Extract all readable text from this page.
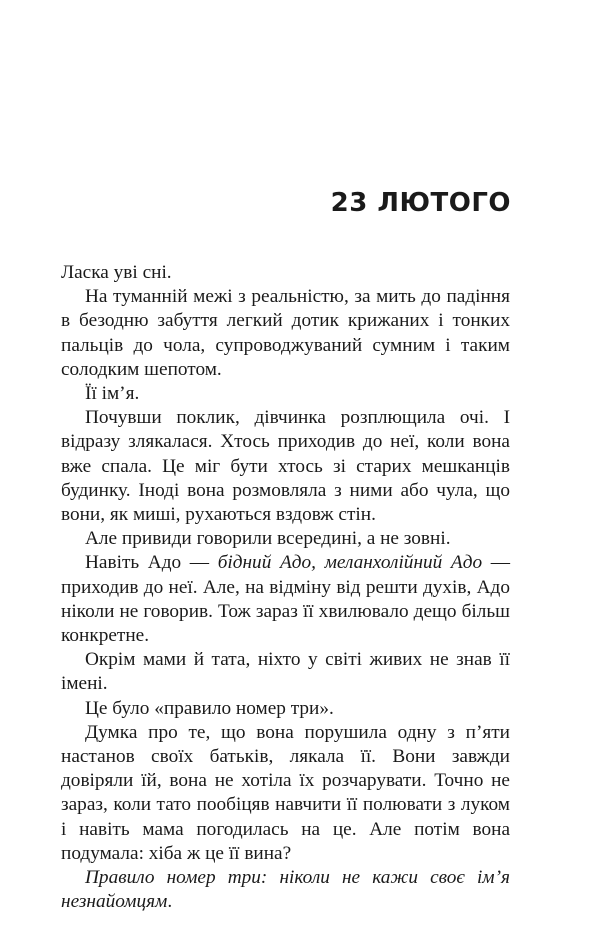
23 ЛЮТОГО

Ласка уві сні.

На туманній межі з реальністю, за мить до падіння в безодню забуття легкий дотик крижаних і тонких пальців до чола, супроводжуваний сумним і таким солодким шепотом.

Її ім’я.

Почувши поклик, дівчинка розплющила очі. І відразу злякалася. Хтось приходив до неї, коли вона вже спала. Це міг бути хтось зі старих мешканців будинку. Іноді вона розмовляла з ними або чула, що вони, як миші, рухаються вздовж стін.

Але привиди говорили всередині, а не зовні.

Навіть Адо — бідний Адо, меланхолійний Адо — приходив до неї. Але, на відміну від решти духів, Адо ніколи не говорив. Тож зараз її хвилювало дещо більш конкретне.

Окрім мами й тата, ніхто у світі живих не знав її імені.

Це було «правило номер три».

Думка про те, що вона порушила одну з п’яти настанов своїх батьків, лякала її. Вони завжди довіряли їй, вона не хотіла їх розчарувати. Точно не зараз, коли тато пообіцяв навчити її полювати з луком і навіть мама погодилась на це. Але потім вона подумала: хіба ж це її вина?

Правило номер три: ніколи не кажи своє ім’я незнайомцям.
